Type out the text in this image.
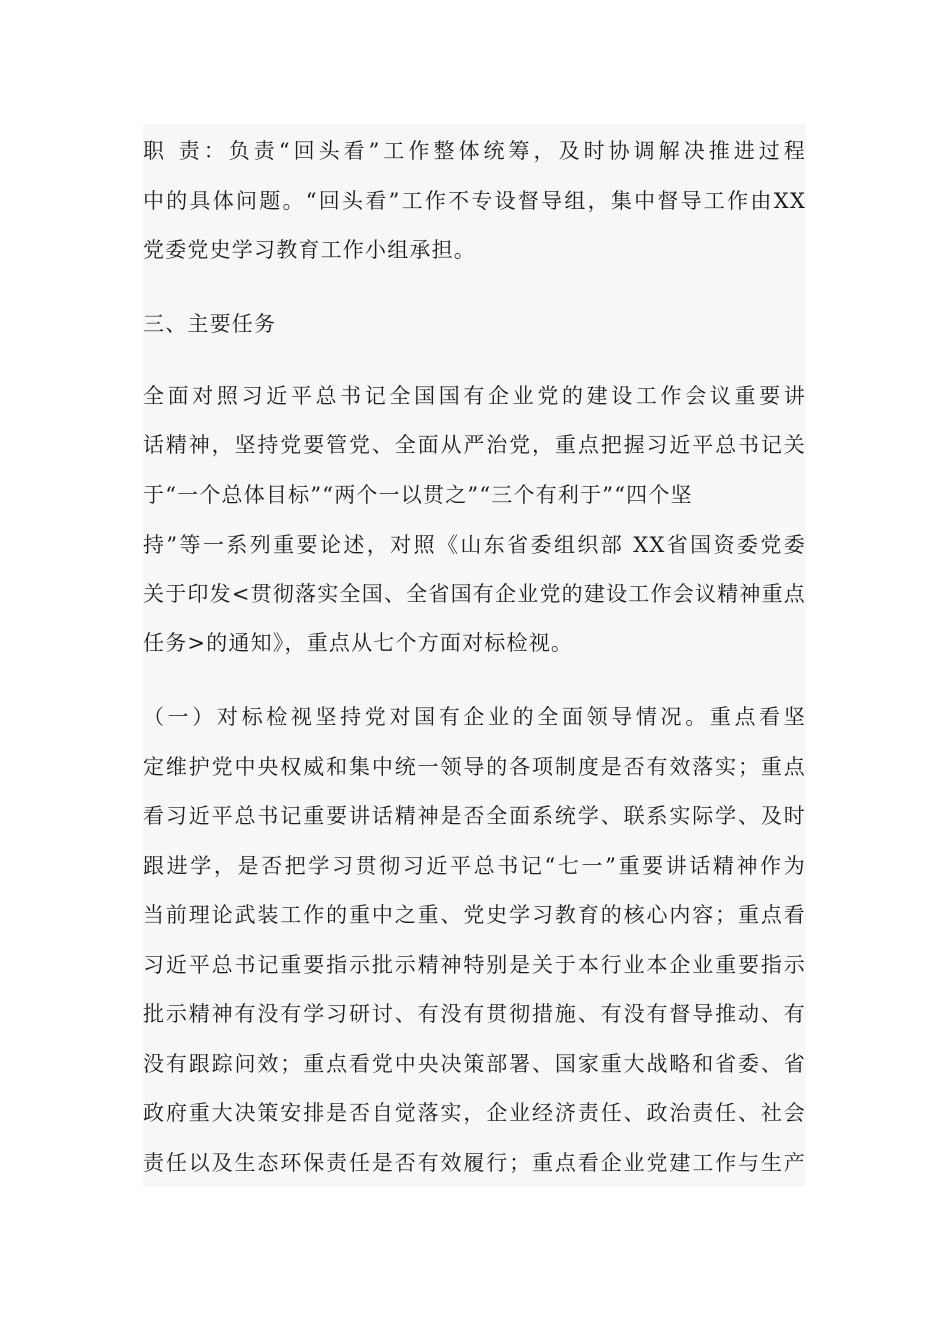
职 责：负责“回头看”工作整体统筹，及时协调解决推进过程
中的具体问题。“回头看”工作不专设督导组，集中督导工作由XX
党委党史学习教育工作小组承担。
三、主要任务
全面对照习近平总书记全国国有企业党的建设工作会议重要讲
话精神，坚持党要管党、全面从严治党，重点把握习近平总书记关
于“一个总体目标”“两个一以贯之”“三个有利于”“四个坚
持”等一系列重要论述，对照《山东省委组织部 XX省国资委党委
关于印发<贯彻落实全国、全省国有企业党的建设工作会议精神重点
任务>的通知》，重点从七个方面对标检视。
（一）对标检视坚持党对国有企业的全面领导情况。重点看坚
定维护党中央权威和集中统一领导的各项制度是否有效落实；重点
看习近平总书记重要讲话精神是否全面系统学、联系实际学、及时
跟进学，是否把学习贯彻习近平总书记“七一”重要讲话精神作为
当前理论武装工作的重中之重、党史学习教育的核心内容；重点看
习近平总书记重要指示批示精神特别是关于本行业本企业重要指示
批示精神有没有学习研讨、有没有贯彻措施、有没有督导推动、有
没有跟踪问效；重点看党中央决策部署、国家重大战略和省委、省
政府重大决策安排是否自觉落实，企业经济责任、政治责任、社会
责任以及生态环保责任是否有效履行；重点看企业党建工作与生产
